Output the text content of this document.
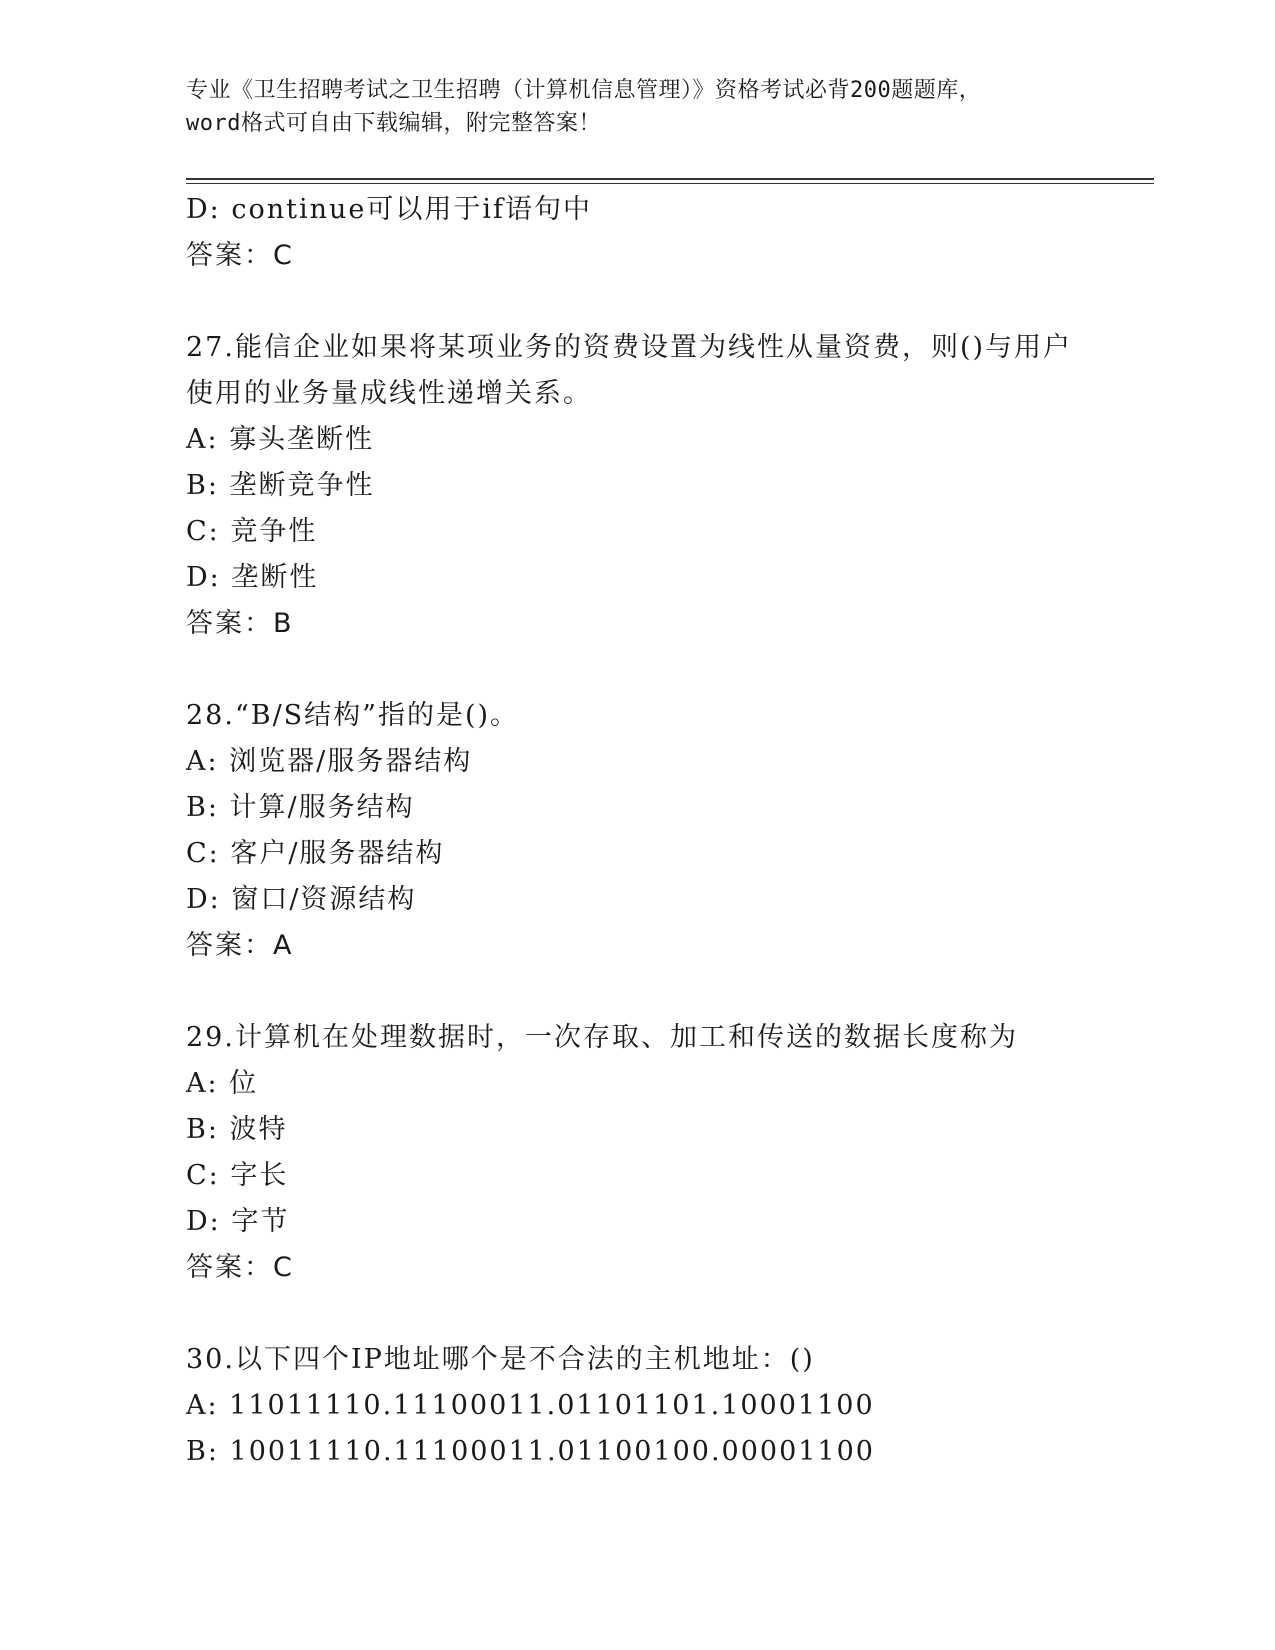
专业《卫生招聘考试之卫生招聘（计算机信息管理）》资格考试必背200题题库，
word格式可自由下载编辑，附完整答案！
D: continue可以用于if语句中
答案：C
27.能信企业如果将某项业务的资费设置为线性从量资费，则()与用户
使用的业务量成线性递增关系。
A: 寡头垄断性
B: 垄断竞争性
C: 竞争性
D: 垄断性
答案：B
28.“B/S结构”指的是()。
A: 浏览器/服务器结构
B: 计算/服务结构
C: 客户/服务器结构
D: 窗口/资源结构
答案：A
29.计算机在处理数据时，一次存取、加工和传送的数据长度称为
A: 位
B: 波特
C: 字长
D: 字节
答案：C
30.以下四个IP地址哪个是不合法的主机地址：()
A: 11011110.11100011.01101101.10001100
B: 10011110.11100011.01100100.00001100
